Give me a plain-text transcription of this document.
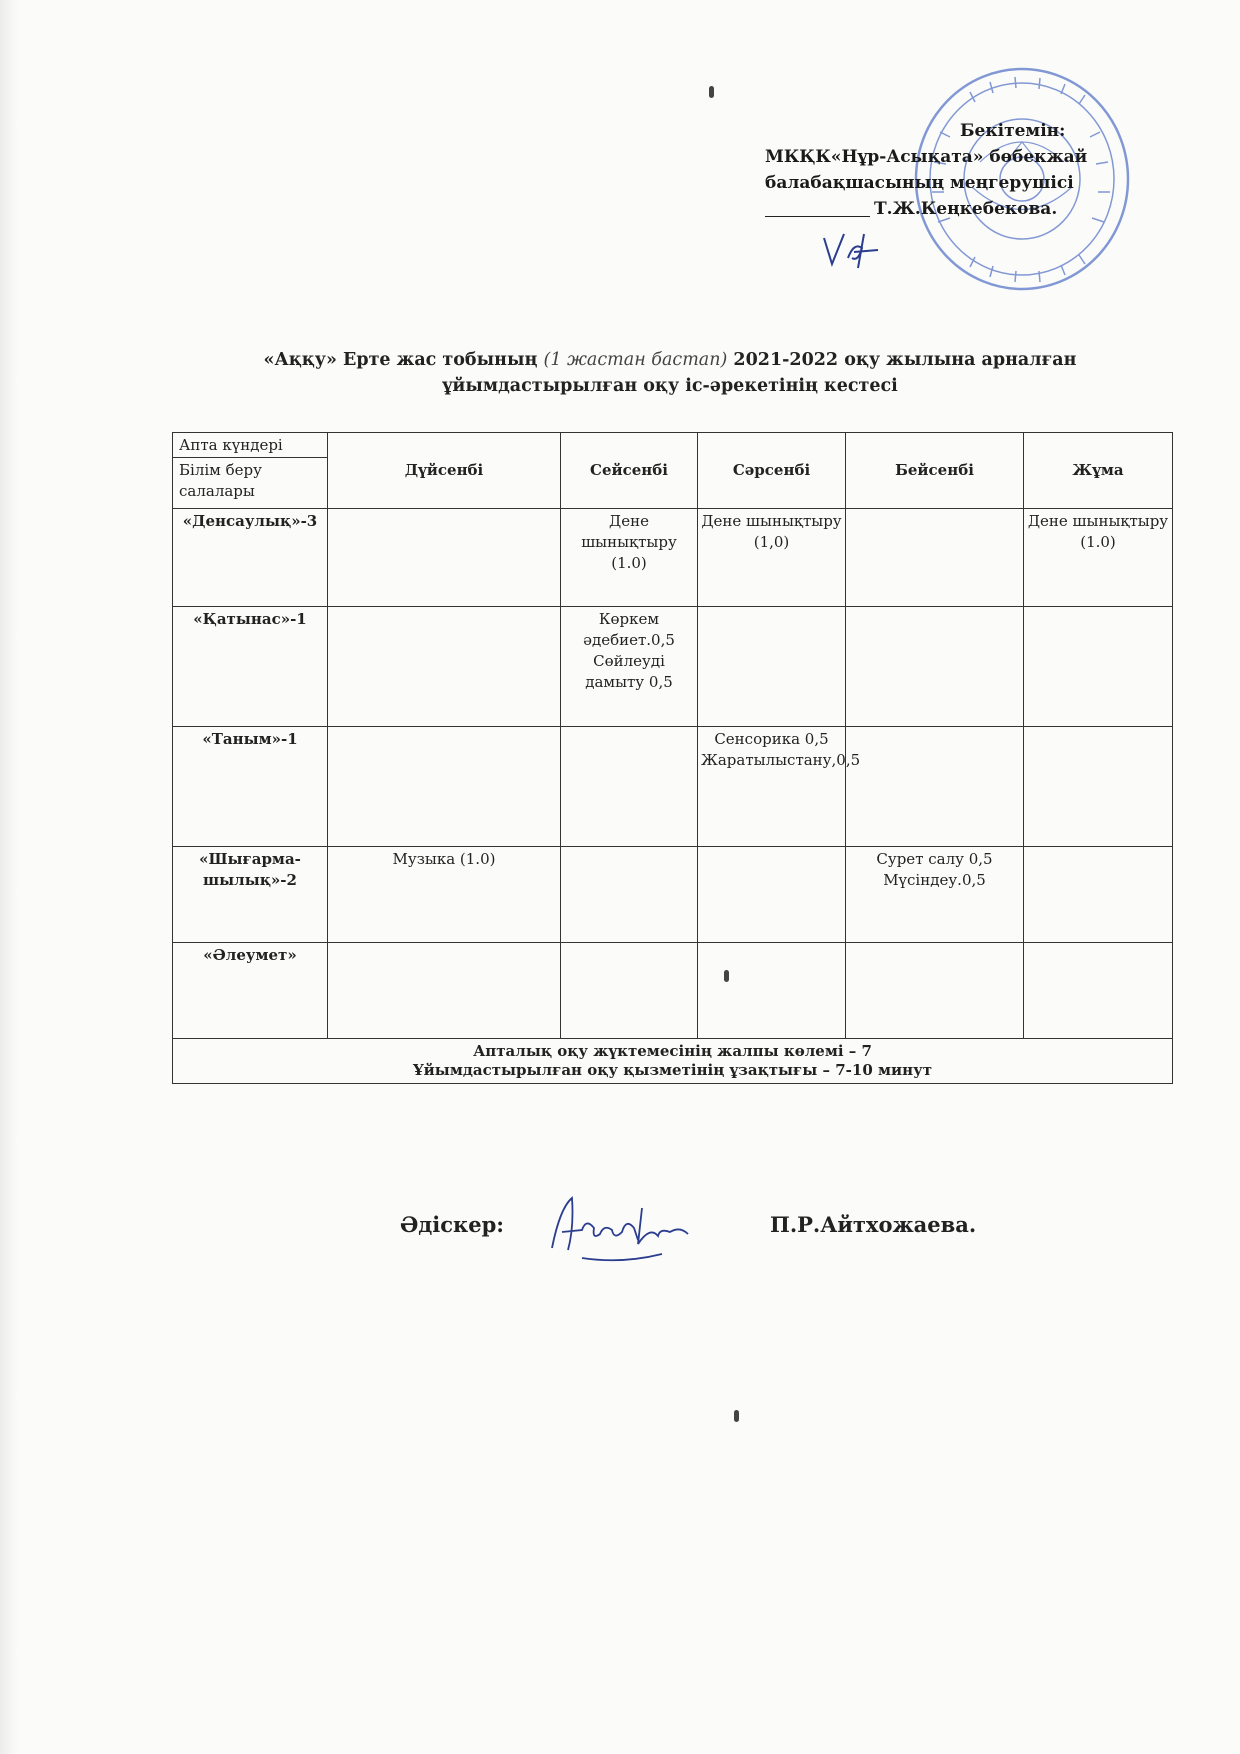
Бекітемін:
МКҚК«Нұр-Асықата» бөбекжай
балабақшасының меңгерушісі
Т.Ж.Кеңкебекова.
«Аққу» Ерте жас тобының (1 жастан бастап) 2021-2022 оқу жылына арналған
ұйымдастырылған оқу іс-әрекетінің кестесі
Апта күндері
Білім беру салалары	Дүйсенбі	Сейсенбі	Сәрсенбі	Бейсенбі	Жұма
«Денсаулық»-3		Дене шынықтыру (1.0)	Дене шынықтыру (1,0)		Дене шынықтыру (1.0)
«Қатынас»-1		Көркем әдебиет.0,5 Сөйлеуді дамыту 0,5			
«Таным»-1			Сенсорика 0,5 Жаратылыстану,0,5		
«Шығарма-шылық»-2	Музыка (1.0)			Сурет салу 0,5 Мүсіндеу.0,5	
«Әлеумет»					

Апталық оқу жүктемесінің жалпы көлемі – 7
Ұйымдастырылған оқу қызметінің ұзақтығы – 7-10 минут					
Әдіскер:	П.Р.Айтхожаева.
